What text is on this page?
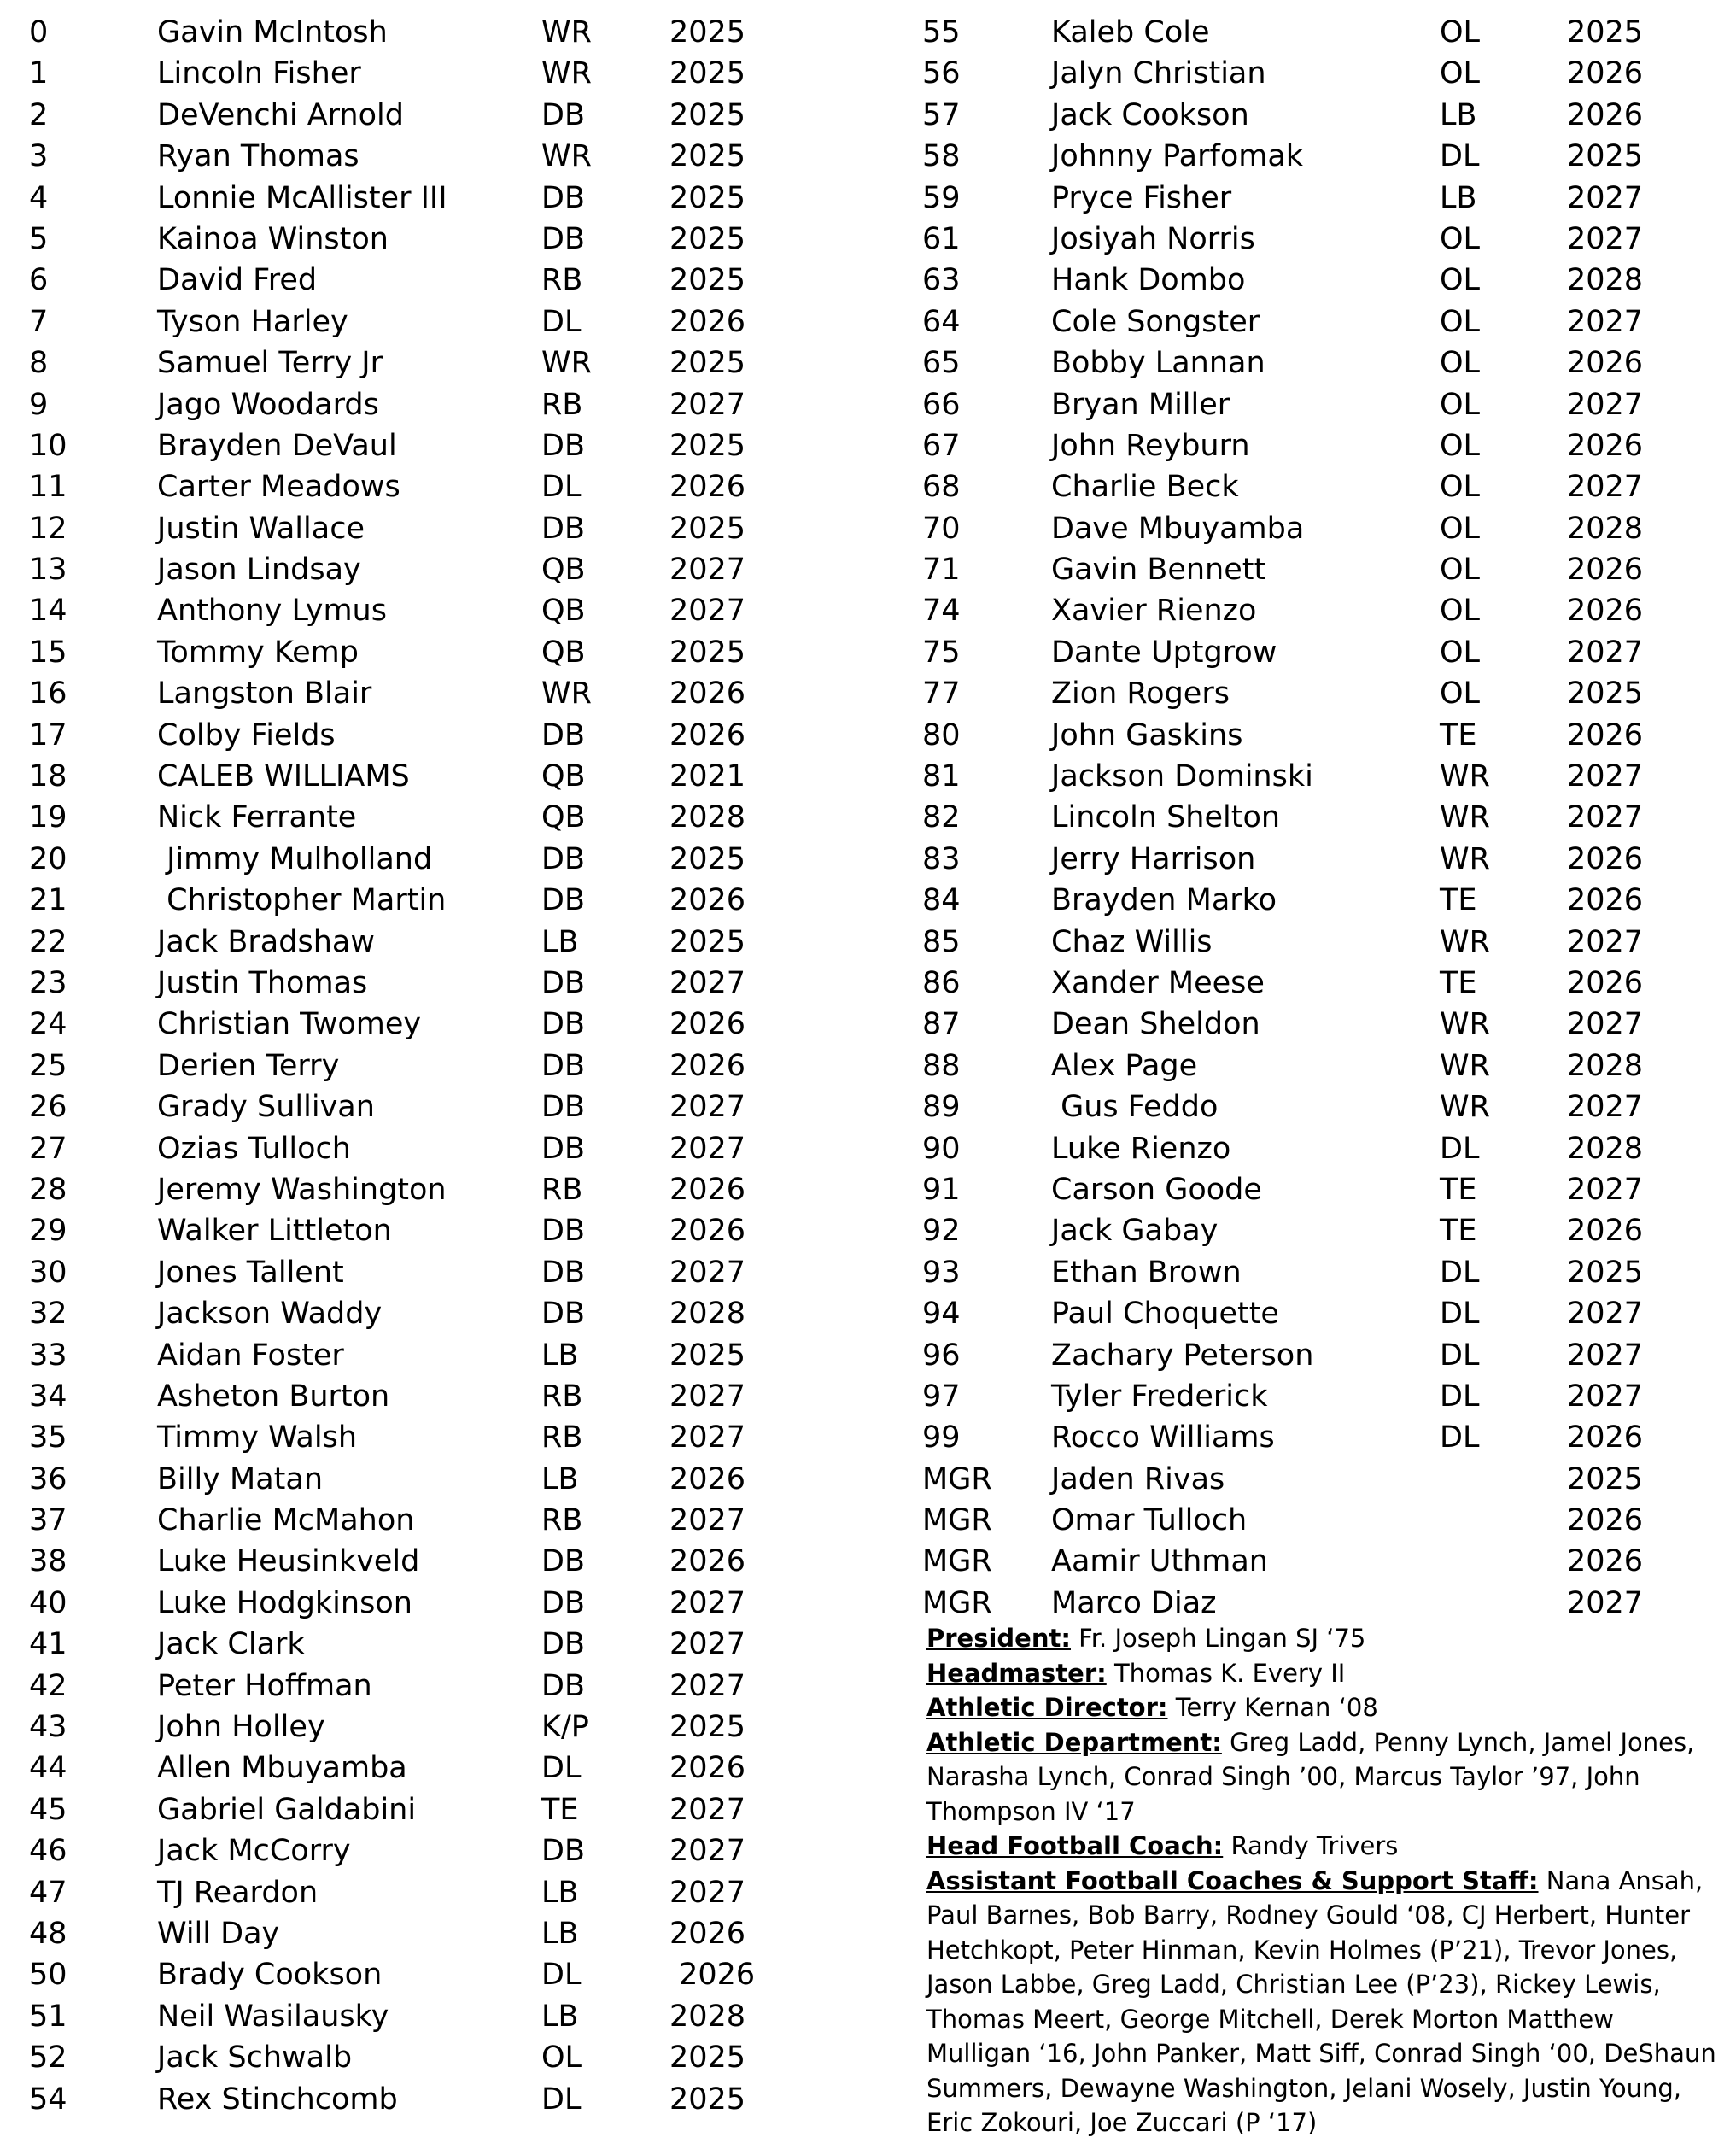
0	Gavin McIntosh	WR	2025
1	Lincoln Fisher	WR	2025
2	DeVenchi Arnold	DB	2025
3	Ryan Thomas	WR	2025
4	Lonnie McAllister III	DB	2025
5	Kainoa Winston	DB	2025
6	David Fred	RB	2025
7	Tyson Harley	DL	2026
8	Samuel Terry Jr	WR	2025
9	Jago Woodards	RB	2027
10	Brayden DeVaul	DB	2025
11	Carter Meadows	DL	2026
12	Justin Wallace	DB	2025
13	Jason Lindsay	QB	2027
14	Anthony Lymus	QB	2027
15	Tommy Kemp	QB	2025
16	Langston Blair	WR	2026
17	Colby Fields	DB	2026
18	CALEB WILLIAMS	QB	2021
19	Nick Ferrante	QB	2028
20	Jimmy Mulholland	DB	2025
21	Christopher Martin	DB	2026
22	Jack Bradshaw	LB	2025
23	Justin Thomas	DB	2027
24	Christian Twomey	DB	2026
25	Derien Terry	DB	2026
26	Grady Sullivan	DB	2027
27	Ozias Tulloch	DB	2027
28	Jeremy Washington	RB	2026
29	Walker Littleton	DB	2026
30	Jones Tallent	DB	2027
32	Jackson Waddy	DB	2028
33	Aidan Foster	LB	2025
34	Asheton Burton	RB	2027
35	Timmy Walsh	RB	2027
36	Billy Matan	LB	2026
37	Charlie McMahon	RB	2027
38	Luke Heusinkveld	DB	2026
40	Luke Hodgkinson	DB	2027
41	Jack Clark	DB	2027
42	Peter Hoffman	DB	2027
43	John Holley	K/P	2025
44	Allen Mbuyamba	DL	2026
45	Gabriel Galdabini	TE	2027
46	Jack McCorry	DB	2027
47	TJ Reardon	LB	2027
48	Will Day	LB	2026
50	Brady Cookson	DL	2026
51	Neil Wasilausky	LB	2028
52	Jack Schwalb	OL	2025
54	Rex Stinchcomb	DL	2025
55	Kaleb Cole	OL	2025
56	Jalyn Christian	OL	2026
57	Jack Cookson	LB	2026
58	Johnny Parfomak	DL	2025
59	Pryce Fisher	LB	2027
61	Josiyah Norris	OL	2027
63	Hank Dombo	OL	2028
64	Cole Songster	OL	2027
65	Bobby Lannan	OL	2026
66	Bryan Miller	OL	2027
67	John Reyburn	OL	2026
68	Charlie Beck	OL	2027
70	Dave Mbuyamba	OL	2028
71	Gavin Bennett	OL	2026
74	Xavier Rienzo	OL	2026
75	Dante Uptgrow	OL	2027
77	Zion Rogers	OL	2025
80	John Gaskins	TE	2026
81	Jackson Dominski	WR	2027
82	Lincoln Shelton	WR	2027
83	Jerry Harrison	WR	2026
84	Brayden Marko	TE	2026
85	Chaz Willis	WR	2027
86	Xander Meese	TE	2026
87	Dean Sheldon	WR	2027
88	Alex Page	WR	2028
89	Gus Feddo	WR	2027
90	Luke Rienzo	DL	2028
91	Carson Goode	TE	2027
92	Jack Gabay	TE	2026
93	Ethan Brown	DL	2025
94	Paul Choquette	DL	2027
96	Zachary Peterson	DL	2027
97	Tyler Frederick	DL	2027
99	Rocco Williams	DL	2026
MGR Jaden Rivas	2025
MGR Omar Tulloch	2026
MGR Aamir Uthman	2026
MGR Marco Diaz	2027

President: Fr. Joseph Lingan SJ ‘75

Headmaster: Thomas K. Every II

Athletic Director: Terry Kernan ‘08

Athletic Department: Greg Ladd, Penny Lynch, Jamel Jones, Narasha Lynch, Conrad Singh ’00, Marcus Taylor ’97, John Thompson IV ‘17

Head Football Coach: Randy Trivers

Assistant Football Coaches & Support Staff: Nana Ansah, Paul Barnes, Bob Barry, Rodney Gould ‘08, CJ Herbert, Hunter Hetchkopt, Peter Hinman, Kevin Holmes (P’21), Trevor Jones, Jason Labbe, Greg Ladd, Christian Lee (P’23), Rickey Lewis, Thomas Meert, George Mitchell, Derek Morton Matthew Mulligan ‘16, John Panker, Matt Siff, Conrad Singh ‘00, DeShaun Summers, Dewayne Washington, Jelani Wosely, Justin Young, Eric Zokouri, Joe Zuccari (P ‘17)
